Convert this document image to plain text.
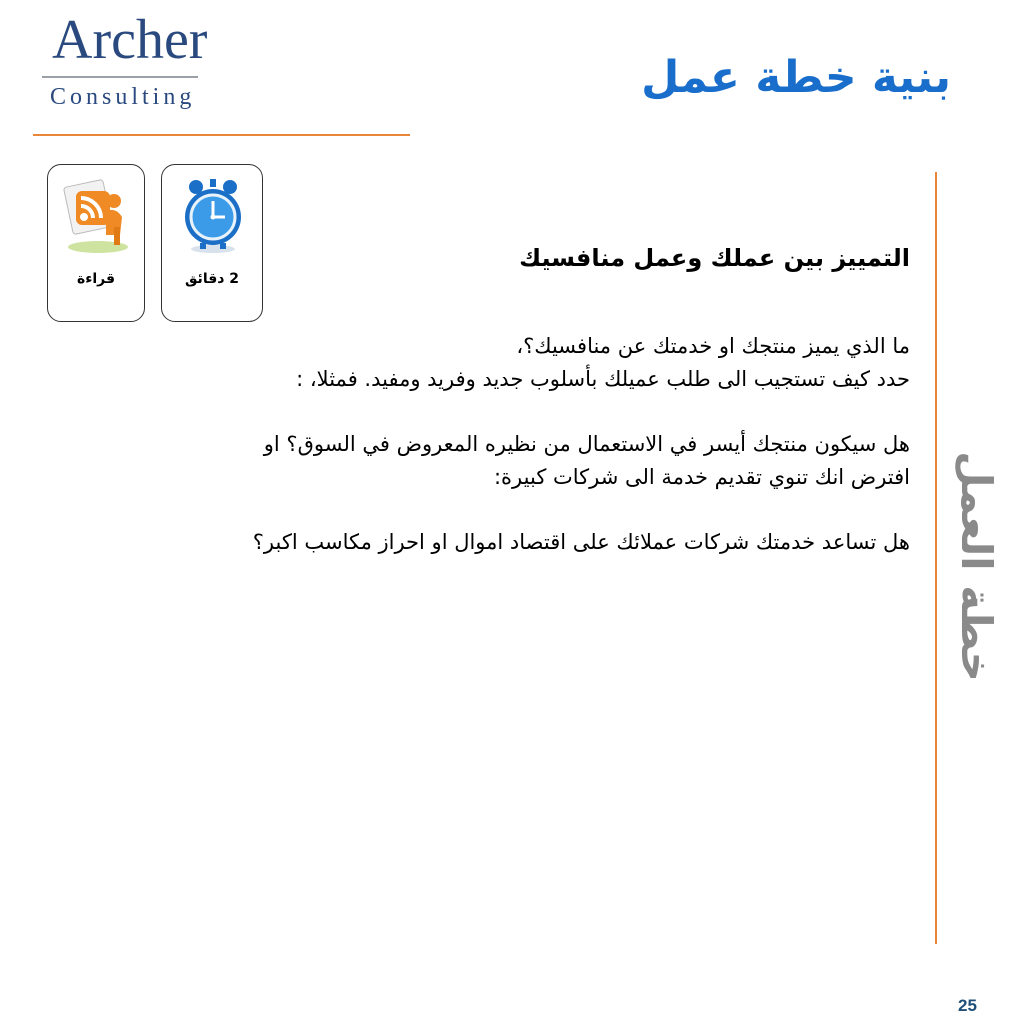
Archer
Consulting	بنية خطة عمل
خطة العمل
قراءة	2 دقائق

التمييز بين عملك وعمل منافسيك

ما الذي يميز منتجك او خدمتك عن منافسيك؟،

حدد كيف تستجيب الى طلب عميلك بأسلوب جديد وفريد ومفيد. فمثلا، :

هل سيكون منتجك أيسر في الاستعمال من نظيره المعروض في السوق؟ او

افترض انك تنوي تقديم خدمة الى شركات كبيرة:

هل تساعد خدمتك شركات عملائك على اقتصاد اموال او احراز مكاسب اكبر؟

25
